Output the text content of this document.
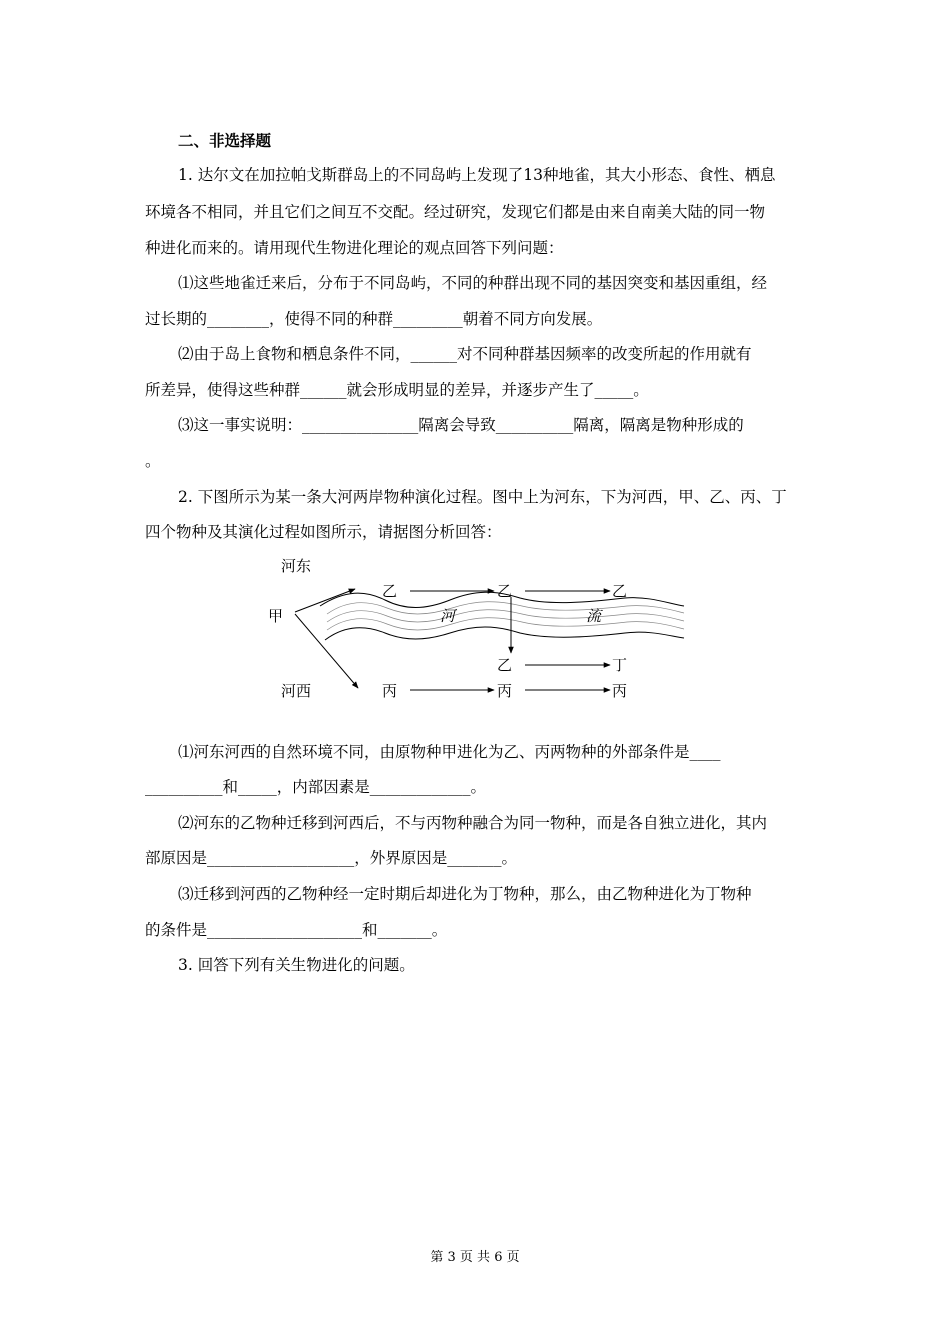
二、非选择题
1. 达尔文在加拉帕戈斯群岛上的不同岛屿上发现了13种地雀，其大小形态、食性、栖息
环境各不相同，并且它们之间互不交配。经过研究，发现它们都是由来自南美大陆的同一物
种进化而来的。请用现代生物进化理论的观点回答下列问题：
⑴这些地雀迁来后，分布于不同岛屿，不同的种群出现不同的基因突变和基因重组，经
过长期的________，使得不同的种群_________朝着不同方向发展。
⑵由于岛上食物和栖息条件不同，______对不同种群基因频率的改变所起的作用就有
所差异，使得这些种群______就会形成明显的差异，并逐步产生了_____。
⑶这一事实说明：_______________隔离会导致__________隔离，隔离是物种形成的
。
2. 下图所示为某一条大河两岸物种演化过程。图中上为河东，下为河西，甲、乙、丙、丁
四个物种及其演化过程如图所示，请据图分析回答：
河东
河西
甲	河	流
乙	乙	乙
乙	丁
丙	丙	丙
⑴河东河西的自然环境不同，由原物种甲进化为乙、丙两物种的外部条件是____
__________和_____，内部因素是_____________。
⑵河东的乙物种迁移到河西后，不与丙物种融合为同一物种，而是各自独立进化，其内
部原因是___________________，外界原因是_______。
⑶迁移到河西的乙物种经一定时期后却进化为丁物种，那么，由乙物种进化为丁物种
的条件是____________________和_______。
3. 回答下列有关生物进化的问题。
第 3 页 共 6 页
